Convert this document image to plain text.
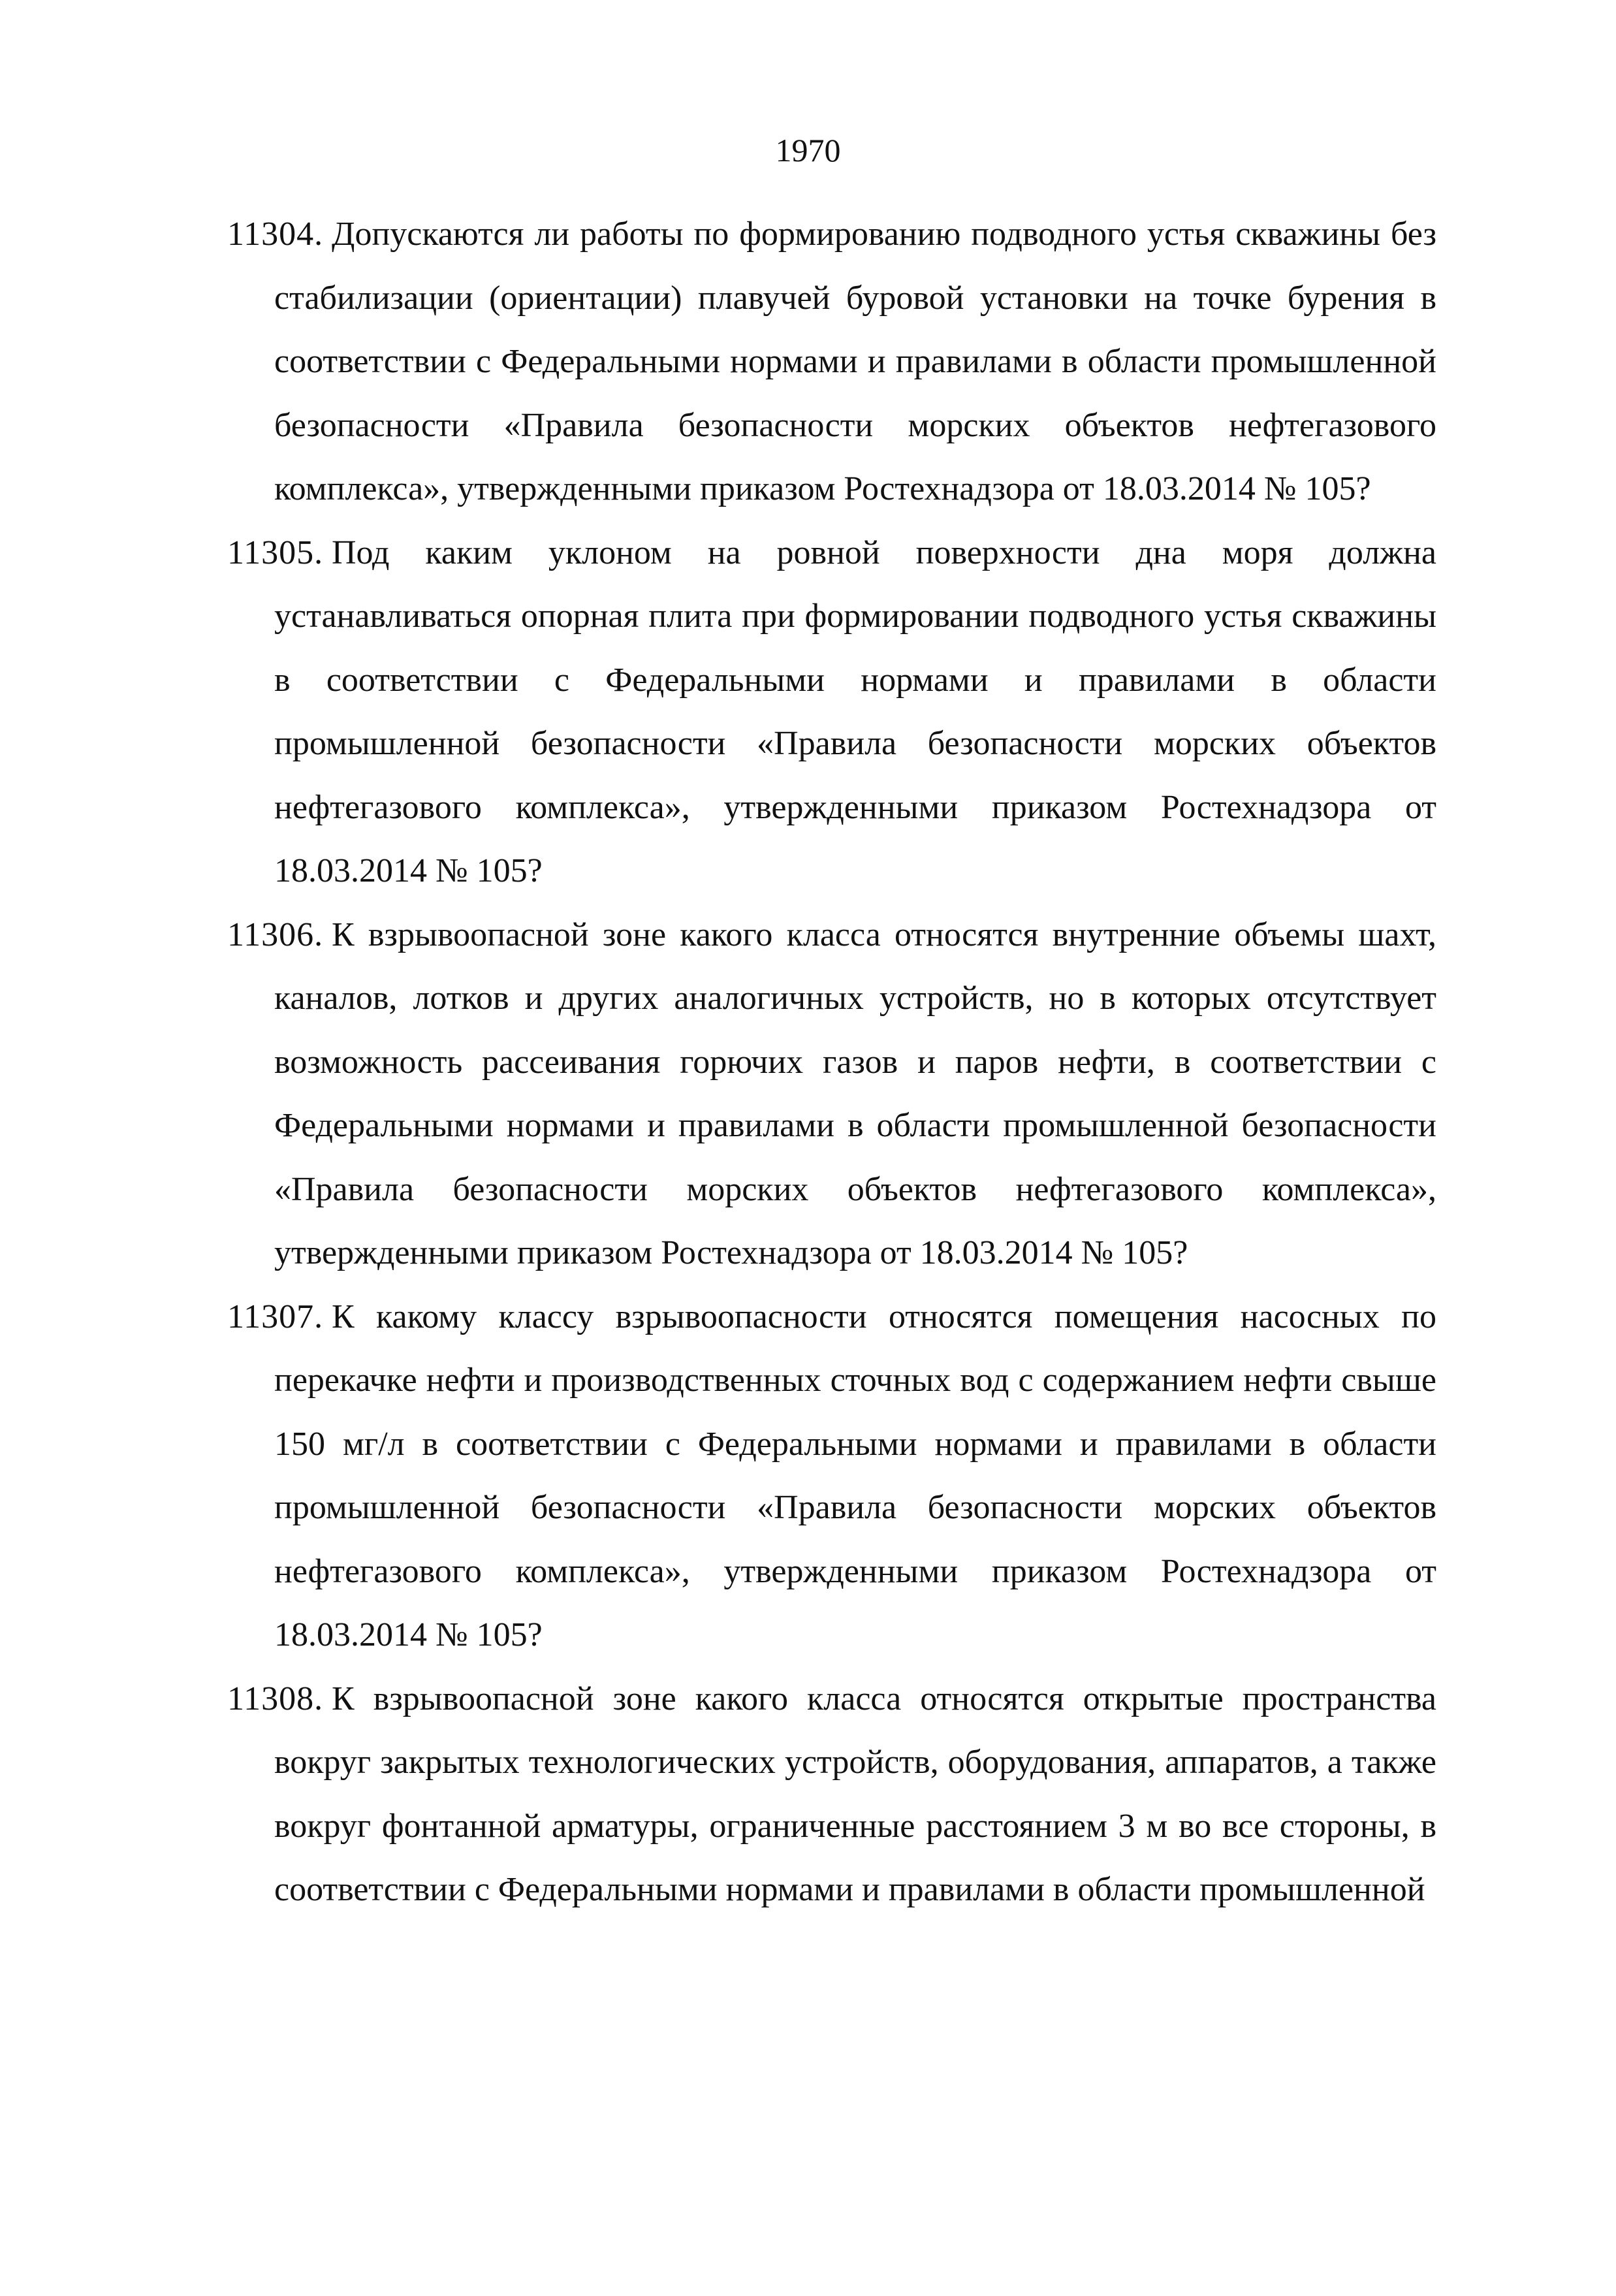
1970
11304. Допускаются ли работы по формированию подводного устья скважины без стабилизации (ориентации) плавучей буровой установки на точке бурения в соответствии с Федеральными нормами и правилами в области промышленной безопасности «Правила безопасности морских объектов нефтегазового комплекса», утвержденными приказом Ростехнадзора от 18.03.2014 № 105?
11305. Под каким уклоном на ровной поверхности дна моря должна устанавливаться опорная плита при формировании подводного устья скважины в соответствии с Федеральными нормами и правилами в области промышленной безопасности «Правила безопасности морских объектов нефтегазового комплекса», утвержденными приказом Ростехнадзора от 18.03.2014 № 105?
11306. К взрывоопасной зоне какого класса относятся внутренние объемы шахт, каналов, лотков и других аналогичных устройств, но в которых отсутствует возможность рассеивания горючих газов и паров нефти, в соответствии с Федеральными нормами и правилами в области промышленной безопасности «Правила безопасности морских объектов нефтегазового комплекса», утвержденными приказом Ростехнадзора от 18.03.2014 № 105?
11307. К какому классу взрывоопасности относятся помещения насосных по перекачке нефти и производственных сточных вод с содержанием нефти свыше 150 мг/л в соответствии с Федеральными нормами и правилами в области промышленной безопасности «Правила безопасности морских объектов нефтегазового комплекса», утвержденными приказом Ростехнадзора от 18.03.2014 № 105?
11308. К взрывоопасной зоне какого класса относятся открытые пространства вокруг закрытых технологических устройств, оборудования, аппаратов, а также вокруг фонтанной арматуры, ограниченные расстоянием 3 м во все стороны, в соответствии с Федеральными нормами и правилами в области промышленной
